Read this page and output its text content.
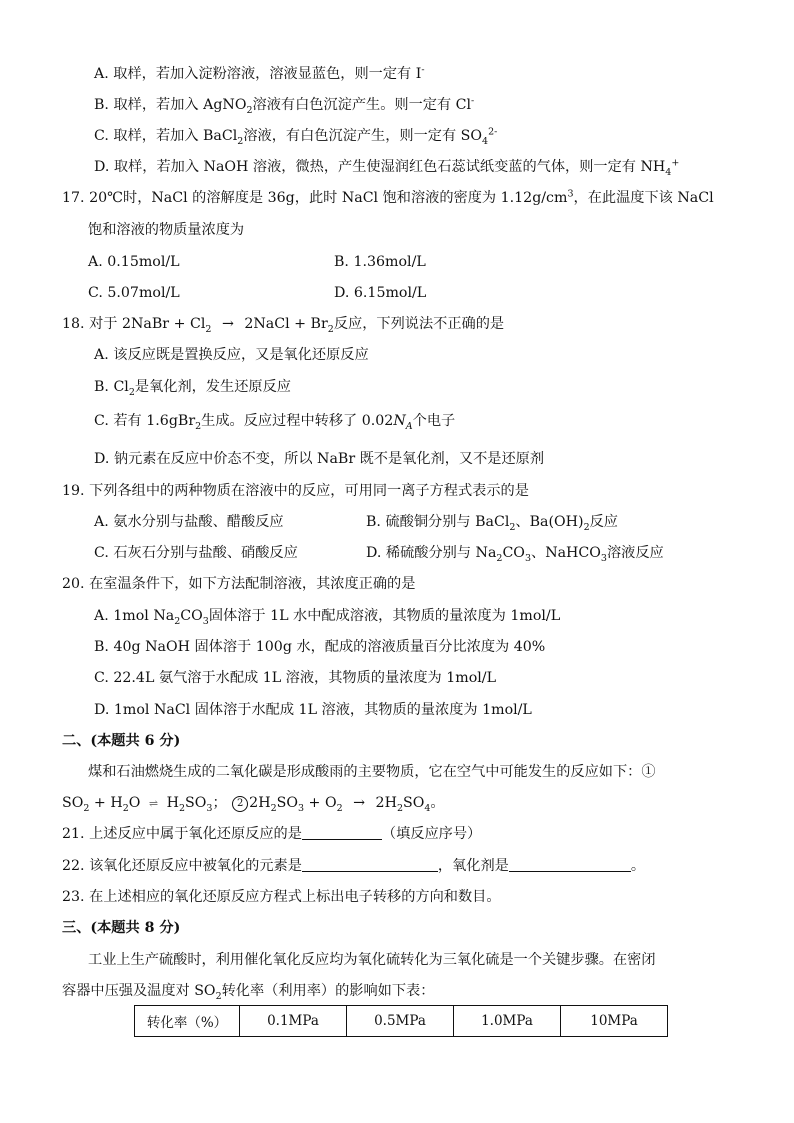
A. 取样，若加入淀粉溶液，溶液显蓝色，则一定有 I-
B. 取样，若加入 AgNO$_2$溶液有白色沉淀产生。则一定有 Cl-
C. 取样，若加入 BaCl$_2$溶液，有白色沉淀产生，则一定有 $SO_4^{2-}$
D. 取样，若加入 NaOH 溶液，微热，产生使湿润红色石蕊试纸变蓝的气体，则一定有 $NH_4^+$
17. 20℃时，NaCl 的溶解度是 36g，此时 NaCl 饱和溶液的密度为 $1.12g/cm^3$，在此温度下该 NaCl
饱和溶液的物质量浓度为
A. 0.15mol/L	B. 1.36mol/L
C. 5.07mol/L	D. 6.15mol/L
18. 对于 2NaBr + $Cl_2$ → 2NaCl + $Br_2$反应，下列说法不正确的是
A. 该反应既是置换反应，又是氧化还原反应
B. $Cl_2$是氧化剂，发生还原反应
C. 若有 1.6gBr$_2$生成。反应过程中转移了 $0.02N_A$个电子
D. 钠元素在反应中价态不变，所以 NaBr 既不是氧化剂，又不是还原剂
19. 下列各组中的两种物质在溶液中的反应，可用同一离子方程式表示的是
A. 氨水分别与盐酸、醋酸反应	B. 硫酸铜分别与 BaCl$_2$、$Ba(OH)_2$反应
C. 石灰石分别与盐酸、硝酸反应	D. 稀硫酸分别与 $Na_2CO_3$、NaHCO$_3$溶液反应
20. 在室温条件下，如下方法配制溶液，其浓度正确的是
A. 1mol $Na_2CO_3$固体溶于 1L 水中配成溶液，其物质的量浓度为 1mol/L
B. 40g NaOH 固体溶于 100g 水，配成的溶液质量百分比浓度为 40%
C. 22.4L 氨气溶于水配成 1L 溶液，其物质的量浓度为 1mol/L
D. 1mol NaCl 固体溶于水配成 1L 溶液，其物质的量浓度为 1mol/L
二、(本题共 6 分)
煤和石油燃烧生成的二氧化碳是形成酸雨的主要物质，它在空气中可能发生的反应如下：①
$SO_2 + H_2O$ ⇌ $H_2SO_3$； 2 $2H_2SO_3 + O_2 \to 2H_2SO_4$。
21. 上述反应中属于氧化还原反应的是	（填反应序号）
22. 该氧化还原反应中被氧化的元素是	，氧化剂是	。
23. 在上述相应的氧化还原反应方程式上标出电子转移的方向和数目。
三、(本题共 8 分)
工业上生产硫酸时，利用催化氧化反应均为氧化硫转化为三氧化硫是一个关键步骤。在密闭
容器中压强及温度对 $SO_2$转化率（利用率）的影响如下表：
转化率（%）	0.1MPa	0.5MPa	1.0MPa	10MPa
